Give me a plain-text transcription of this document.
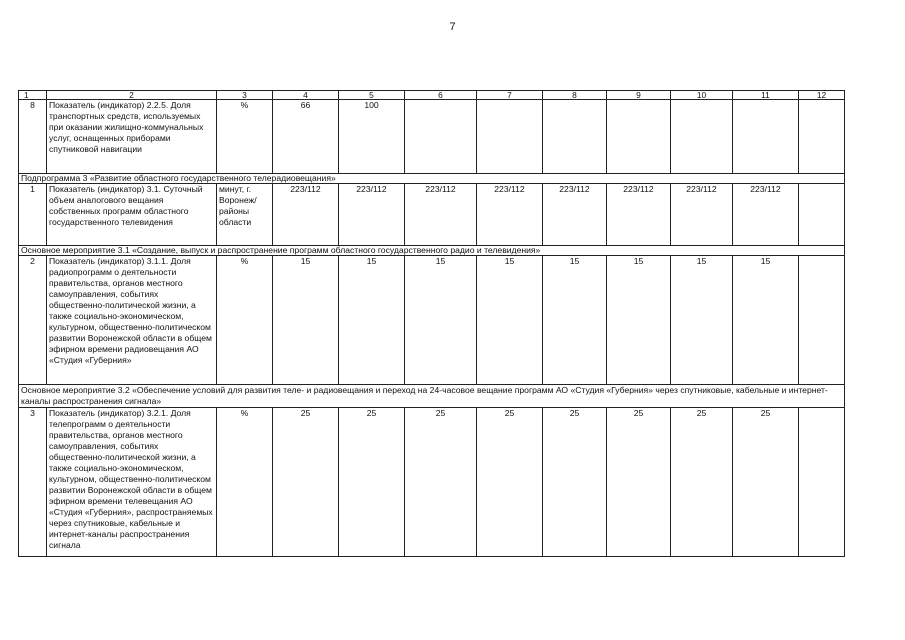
7
1	2	3	4	5	6	7	8	9	10	11	12
8	Показатель (индикатор) 2.2.5. Доля транспортных средств, используемых при оказании жилищно-коммунальных услуг, оснащенных приборами спутниковой навигации	%	66	100							
Подпрограмма 3 «Развитие областного государственного телерадиовещания»											
1	Показатель (индикатор) 3.1. Суточный объем аналогового вещания собственных программ областного государственного телевидения	минут, г. Воронеж/ районы области	223/112	223/112	223/112	223/112	223/112	223/112	223/112	223/112	
Основное мероприятие 3.1 «Создание, выпуск и распространение программ областного государственного радио и телевидения»											
2	Показатель (индикатор) 3.1.1. Доля радиопрограмм о деятельности правительства, органов местного самоуправления, событиях общественно-политической жизни, а также социально-экономическом, культурном, общественно-политическом развитии Воронежской области в общем эфирном времени радиовещания АО «Студия «Губерния»	%	15	15	15	15	15	15	15	15	
Основное мероприятие 3.2 «Обеспечение условий для развития теле- и радиовещания и переход на 24-часовое вещание программ АО «Студия «Губерния» через спутниковые, кабельные и интернет-каналы распространения сигнала»											
3	Показатель (индикатор) 3.2.1. Доля телепрограмм о деятельности правительства, органов местного самоуправления, событиях общественно-политической жизни, а также социально-экономическом, культурном, общественно-политическом развитии Воронежской области в общем эфирном времени телевещания АО «Студия «Губерния», распространяемых через спутниковые, кабельные и интернет-каналы распространения сигнала	%	25	25	25	25	25	25	25	25	
